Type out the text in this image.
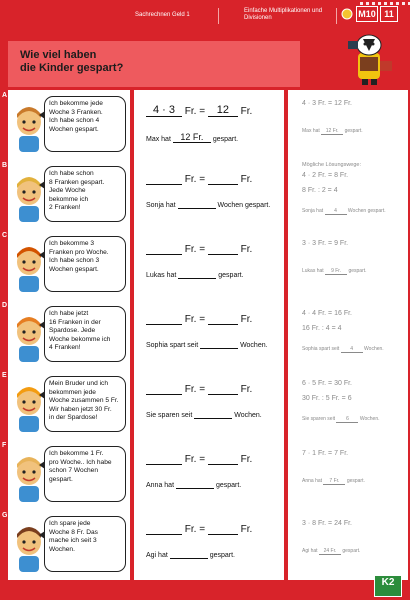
Sachrechnen Geld 1
Einfache Multiplikationen und Divisionen	M10 11
Wie viel haben
die Kinder gespart?
A
Ich bekomme jede
Woche 3 Franken.
Ich habe schon 4
Wochen gespart.
4 · 3 Fr. = 12 Fr.
Max hat 12 Fr. gespart.
4 · 3 Fr. = 12 Fr.
Max hat 12 Fr. gespart.
B
Ich habe schon
8 Franken gespart.
Jede Woche
bekomme ich
2 Franken!
Fr. =	Fr.
Sonja hat	Wochen gespart.
Mögliche Lösungswege:
4 · 2 Fr. = 8 Fr.
8 Fr. : 2 = 4
Sonja hat 4 Wochen gespart.
C
Ich bekomme 3
Franken pro Woche.
Ich habe schon 3
Wochen gespart.
Fr. =	Fr.
Lukas hat	gespart.
3 · 3 Fr. = 9 Fr.
Lukas hat 9 Fr. gespart.
D
Ich habe jetzt
16 Franken in der
Spardose. Jede
Woche bekomme ich
4 Franken!
Fr. =	Fr.
Sophia spart seit	Wochen.
4 · 4 Fr. = 16 Fr.
16 Fr. : 4 = 4
Sophia spart seit 4 Wochen.
E
Mein Bruder und ich
bekommen jede
Woche zusammen 5 Fr.
Wir haben jetzt 30 Fr.
in der Spardose!
Fr. =	Fr.
Sie sparen seit	Wochen.
6 · 5 Fr. = 30 Fr.
30 Fr. : 5 Fr. = 6
Sie sparen seit 6 Wochen.
F
Ich bekomme 1 Fr.
pro Woche.. Ich habe
schon 7 Wochen
gespart.
Fr. =	Fr.
Anna hat	gespart.
7 · 1 Fr. = 7 Fr.
Anna hat 7 Fr. gespart.
G
Ich spare jede
Woche 8 Fr. Das
mache ich seit 3
Wochen.
Fr. =	Fr.
Agi hat	gespart.
3 · 8 Fr. = 24 Fr.
Agi hat 24 Fr. gespart.
K2
